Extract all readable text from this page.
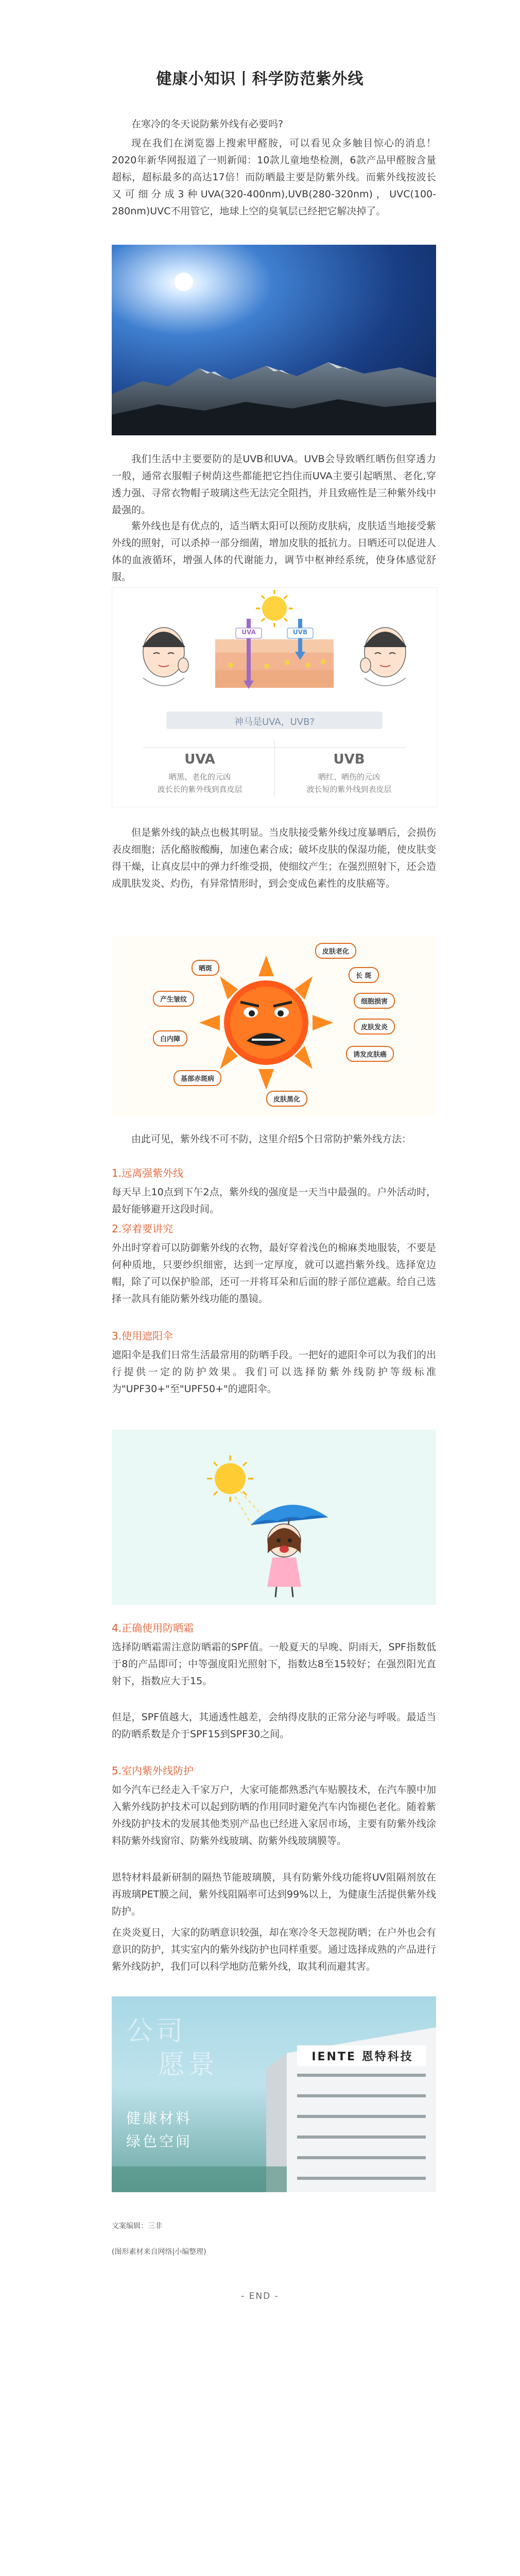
健康小知识丨科学防范紫外线
在寒冷的冬天说防紫外线有必要吗?
现在我们在浏览器上搜索甲醛胺，可以看见众多触目惊心的消息！2020年新华网报道了一则新闻：10款儿童地垫检测，6款产品甲醛胺含量超标，超标最多的高达17倍！而防晒最主要是防紫外线。而紫外线按波长又可细分成3种UVA(320-400nm),UVB(280-320nm)，UVC(100-280nm)UVC不用管它，地球上空的臭氧层已经把它解决掉了。
我们生活中主要要防的是UVB和UVA。UVB会导致晒红晒伤但穿透力一般，通常衣服帽子树荫这些都能把它挡住而UVA主要引起晒黑、老化,穿透力强、寻常衣物帽子玻璃这些无法完全阻挡，并且致癌性是三种紫外线中最强的。
紫外线也是有优点的，适当晒太阳可以预防皮肤病，皮肤适当地接受紫外线的照射，可以杀掉一部分细菌，增加皮肤的抵抗力。日晒还可以促进人体的血液循环，增强人体的代谢能力，调节中枢神经系统，使身体感觉舒服。
UVA	UVB
神马是UVA，UVB?
UVA
晒黑、老化的元凶
波长长的紫外线到真皮层
UVB
晒红、晒伤的元凶
波长短的紫外线到表皮层
但是紫外线的缺点也极其明显。当皮肤接受紫外线过度暴晒后，会损伤表皮细胞；活化酪胺酸酶，加速色素合成；破坏皮肤的保湿功能，使皮肤变得干燥，让真皮层中的弹力纤维受损，使细纹产生；在强烈照射下，还会造成肌肤发炎、灼伤，有异常情形时，到会变成色素性的皮肤癌等。
皮肤老化
长 斑
细胞损害
皮肤发炎
诱发皮肤癌
白内障
晒斑
产生皱纹
皮肤黑化
基部赤斑病
由此可见，紫外线不可不防，这里介绍5个日常防护紫外线方法：
1.远离强紫外线
每天早上10点到下午2点，紫外线的强度是一天当中最强的。户外活动时，最好能够避开这段时间。
2.穿着要讲究
外出时穿着可以防御紫外线的衣物，最好穿着浅色的棉麻类地服装，不要是何种质地，只要纱织细密，达到一定厚度，就可以遮挡紫外线。选择宽边帽，除了可以保护脸部，还可一并将耳朵和后面的脖子部位遮蔽。给自己选择一款具有能防紫外线功能的墨镜。
3.使用遮阳伞
遮阳伞是我们日常生活最常用的防晒手段。一把好的遮阳伞可以为我们的出行提供一定的防护效果。我们可以选择防紫外线防护等级标准为"UPF30+"至"UPF50+"的遮阳伞。
4.正确使用防晒霜
选择防晒霜需注意防晒霜的SPF值。一般夏天的早晚、阴雨天，SPF指数低于8的产品即可；中等强度阳光照射下，指数达8至15较好；在强烈阳光直射下，指数应大于15。
但是，SPF值越大，其通透性越差，会纳得皮肤的正常分泌与呼吸。最适当的防晒系数是介于SPF15到SPF30之间。
5.室内紫外线防护
如今汽车已经走入千家万户，大家可能都熟悉汽车贴膜技术，在汽车膜中加入紫外线防护技术可以起到防晒的作用同时避免汽车内饰褪色老化。随着紫外线防护技术的发展其他类别产品也已经进入家居市场，主要有防紫外线涂料防紫外线窗帘、防紫外线玻璃、防紫外线玻璃膜等。
恩特材料最新研制的隔热节能玻璃膜，具有防紫外线功能将UV阻隔剂放在再玻璃PET膜之间，紫外线阻隔率可达到99%以上，为健康生活提供紫外线防护。
在炎炎夏日，大家的防晒意识较强，却在寒冷冬天忽视防晒；在户外也会有意识的防护，其实室内的紫外线防护也同样重要。通过选择成熟的产品进行紫外线防护，我们可以科学地防范紫外线，取其利而避其害。
IENTE 恩特科技
公司
愿景
健康材料
绿色空间
文案编辑：三非
(图形素材来自网络|小编整理)
- END -
